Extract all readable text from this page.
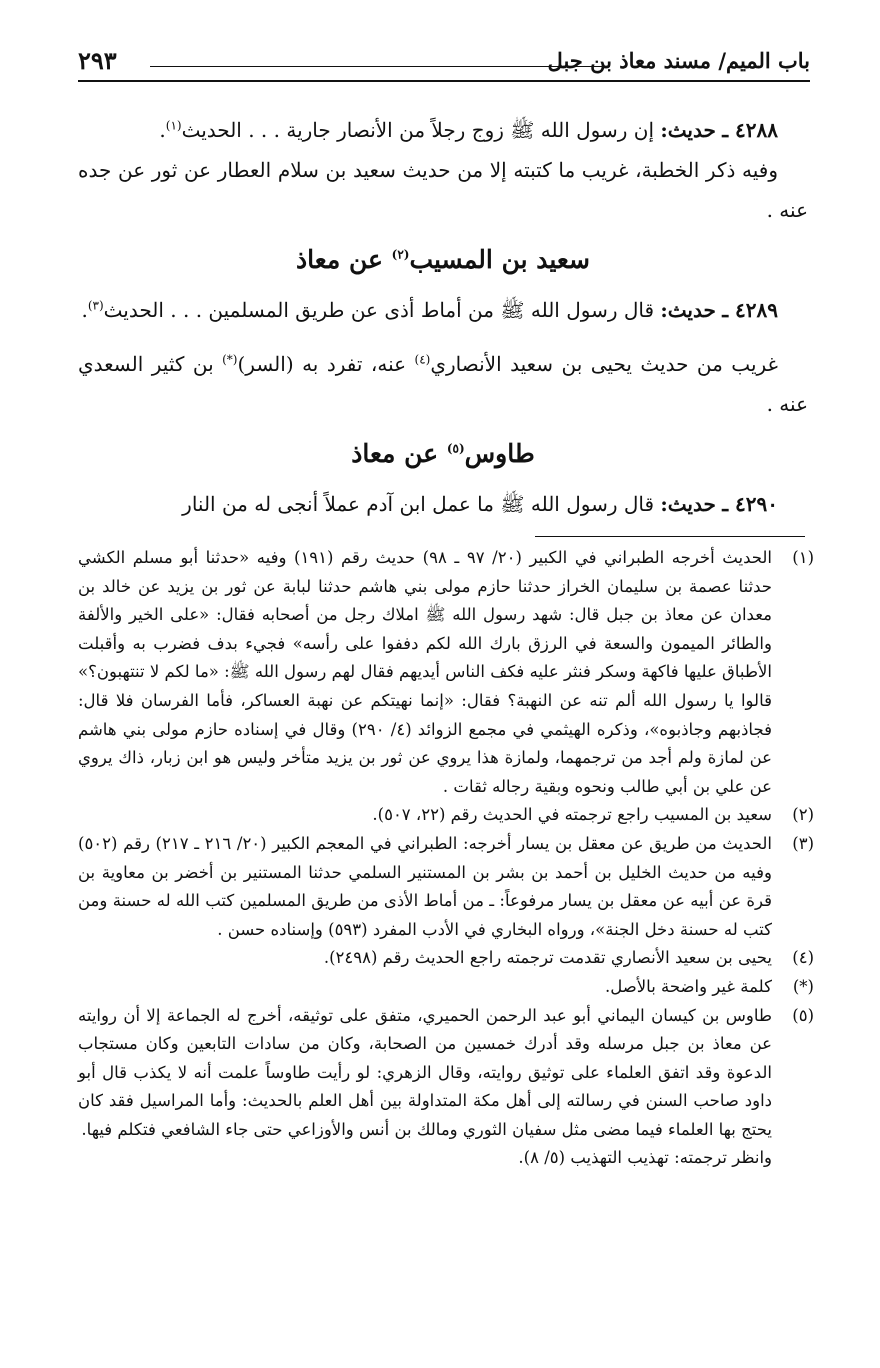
باب الميم/ مسند معاذ بن جبل
٢٩٣

٤٢٨٨ ـ حديث: إن رسول الله ﷺ زوج رجلاً من الأنصار جارية . . . الحديث$^{(١)}$.

وفيه ذكر الخطبة، غريب ما كتبته إلا من حديث سعيد بن سلام العطار عن ثور عن جده عنه .

سعيد بن المسيب$^{(٢)}$ عن معاذ

٤٢٨٩ ـ حديث: قال رسول الله ﷺ من أماط أذى عن طريق المسلمين . . . الحديث$^{(٣)}$.

غريب من حديث يحيى بن سعيد الأنصاري$^{(٤)}$ عنه، تفرد به (السر)(*) بن كثير السعدي عنه .

طاوس$^{(٥)}$ عن معاذ

٤٢٩٠ ـ حديث: قال رسول الله ﷺ ما عمل ابن آدم عملاً أنجى له من النار

(١)
الحديث أخرجه الطبراني في الكبير (٢٠/ ٩٧ ـ ٩٨) حديث رقم (١٩١) وفيه «حدثنا أبو مسلم الكشي حدثنا عصمة بن سليمان الخراز حدثنا حازم مولى بني هاشم حدثنا لبابة عن ثور بن يزيد عن خالد بن معدان عن معاذ بن جبل قال: شهد رسول الله ﷺ املاك رجل من أصحابه فقال: «على الخير والألفة والطائر الميمون والسعة في الرزق بارك الله لكم دففوا على رأسه» فجيء بدف فضرب به وأقبلت الأطباق عليها فاكهة وسكر فنثر عليه فكف الناس أيديهم فقال لهم رسول الله ﷺ: «ما لكم لا تنتهبون؟» قالوا يا رسول الله ألم تنه عن النهبة؟ فقال: «إنما نهيتكم عن نهبة العساكر، فأما الفرسان فلا قال: فجاذبهم وجاذبوه»، وذكره الهيثمي في مجمع الزوائد (٤/ ٢٩٠) وقال في إسناده حازم مولى بني هاشم عن لمازة ولم أجد من ترجمهما، ولمازة هذا يروي عن ثور بن يزيد متأخر وليس هو ابن زبار، ذاك يروي عن علي بن أبي طالب ونحوه وبقية رجاله ثقات .
(٢)
سعيد بن المسيب راجع ترجمته في الحديث رقم (٢٢، ٥٠٧).
(٣)
الحديث من طريق عن معقل بن يسار أخرجه: الطبراني في المعجم الكبير (٢٠/ ٢١٦ ـ ٢١٧) رقم (٥٠٢) وفيه من حديث الخليل بن أحمد بن بشر بن المستنير السلمي حدثنا المستنير بن أخضر بن معاوية بن قرة عن أبيه عن معقل بن يسار مرفوعاً: ـ من أماط الأذى من طريق المسلمين كتب الله له حسنة ومن كتب له حسنة دخل الجنة»، ورواه البخاري في الأدب المفرد (٥٩٣) وإسناده حسن .
(٤)
يحيى بن سعيد الأنصاري تقدمت ترجمته راجع الحديث رقم (٢٤٩٨).
(*)
كلمة غير واضحة بالأصل.
(٥)
طاوس بن كيسان اليماني أبو عبد الرحمن الحميري، متفق على توثيقه، أخرج له الجماعة إلا أن روايته عن معاذ بن جبل مرسله وقد أدرك خمسين من الصحابة، وكان من سادات التابعين وكان مستجاب الدعوة وقد اتفق العلماء على توثيق روايته، وقال الزهري: لو رأيت طاوساً علمت أنه لا يكذب قال أبو داود صاحب السنن في رسالته إلى أهل مكة المتداولة بين أهل العلم بالحديث: وأما المراسيل فقد كان يحتج بها العلماء فيما مضى مثل سفيان الثوري ومالك بن أنس والأوزاعي حتى جاء الشافعي فتكلم فيها.
وانظر ترجمته: تهذيب التهذيب (٥/ ٨).
